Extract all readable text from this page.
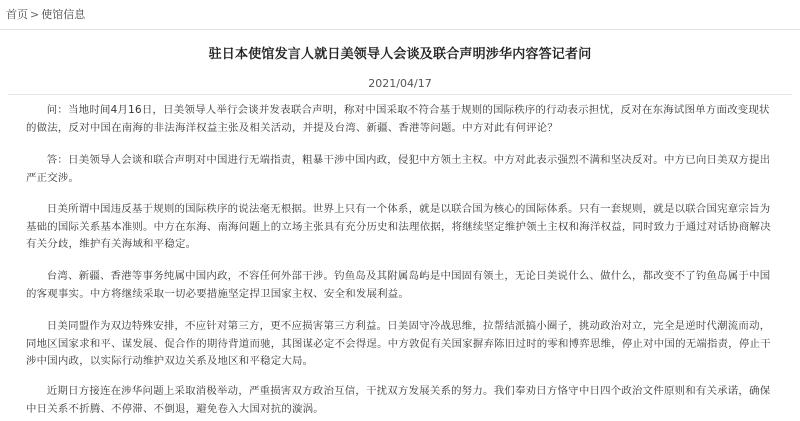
首页 > 使馆信息
驻日本使馆发言人就日美领导人会谈及联合声明涉华内容答记者问
2021/04/17

问：当地时间4月16日，日美领导人举行会谈并发表联合声明，称对中国采取不符合基于规则的国际秩序的行动表示担忧，反对在东海试图单方面改变现状的做法，反对中国在南海的非法海洋权益主张及相关活动，并提及台湾、新疆、香港等问题。中方对此有何评论？

答：日美领导人会谈和联合声明对中国进行无端指责，粗暴干涉中国内政，侵犯中方领土主权。中方对此表示强烈不满和坚决反对。中方已向日美双方提出严正交涉。

日美所谓中国违反基于规则的国际秩序的说法毫无根据。世界上只有一个体系，就是以联合国为核心的国际体系。只有一套规则，就是以联合国宪章宗旨为基础的国际关系基本准则。中方在东海、南海问题上的立场主张具有充分历史和法理依据，将继续坚定维护领土主权和海洋权益，同时致力于通过对话协商解决有关分歧，维护有关海域和平稳定。

台湾、新疆、香港等事务纯属中国内政，不容任何外部干涉。钓鱼岛及其附属岛屿是中国固有领土，无论日美说什么、做什么，都改变不了钓鱼岛属于中国的客观事实。中方将继续采取一切必要措施坚定捍卫国家主权、安全和发展利益。

日美同盟作为双边特殊安排，不应针对第三方，更不应损害第三方利益。日美固守冷战思维，拉帮结派搞小圈子，挑动政治对立，完全是逆时代潮流而动，同地区国家求和平、谋发展、促合作的期待背道而驰，其图谋必定不会得逞。中方敦促有关国家摒弃陈旧过时的零和博弈思维，停止对中国的无端指责，停止干涉中国内政，以实际行动维护双边关系及地区和平稳定大局。

近期日方接连在涉华问题上采取消极举动，严重损害双方政治互信，干扰双方发展关系的努力。我们奉劝日方恪守中日四个政治文件原则和有关承诺，确保中日关系不折腾、不停滞、不倒退，避免卷入大国对抗的漩涡。
